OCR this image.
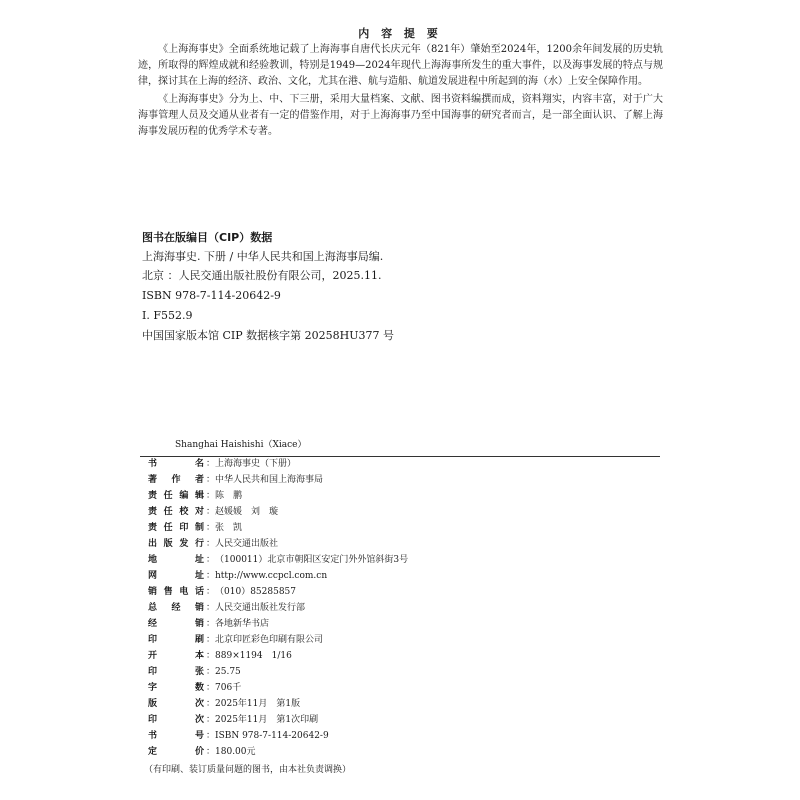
内 容 提 要
《上海海事史》全面系统地记载了上海海事自唐代长庆元年（821年）肇始至2024年，1200余年间发展的历史轨迹，所取得的辉煌成就和经验教训，特别是1949—2024年现代上海海事所发生的重大事件，以及海事发展的特点与规律，探讨其在上海的经济、政治、文化，尤其在港、航与造船、航道发展进程中所起到的海（水）上安全保障作用。
《上海海事史》分为上、中、下三册，采用大量档案、文献、图书资料编撰而成，资料翔实，内容丰富，对于广大海事管理人员及交通从业者有一定的借鉴作用，对于上海海事乃至中国海事的研究者而言，是一部全面认识、了解上海海事发展历程的优秀学术专著。
图书在版编目（CIP）数据
上海海事史. 下册 / 中华人民共和国上海海事局编.
北京 ：人民交通出版社股份有限公司，2025.11.
ISBN 978-7-114-20642-9
Ⅰ. F552.9
中国国家版本馆 CIP 数据核字第 20258HU377 号
Shanghai Haishishi（Xiace）
书　　名 ：上海海事史（下册）
著 作 者 ：中华人民共和国上海海事局
责任编辑 ：陈　鹏
责任校对 ：赵媛媛　刘　璇
责任印制 ：张　凯
出版发行 ：人民交通出版社
地　　址 ：（100011）北京市朝阳区安定门外外馆斜街3号
网　　址 ：http://www.ccpcl.com.cn
销售电话 ：（010）85285857
总 经 销 ：人民交通出版社发行部
经　　销 ：各地新华书店
印　　刷 ：北京印匠彩色印刷有限公司
开　　本 ：889×1194　1/16
印　　张 ：25.75
字　　数 ：706千
版　　次 ：2025年11月　第1版
印　　次 ：2025年11月　第1次印刷
书　　号 ：ISBN 978-7-114-20642-9
定　　价 ：180.00元
（有印刷、装订质量问题的图书，由本社负责调换）
